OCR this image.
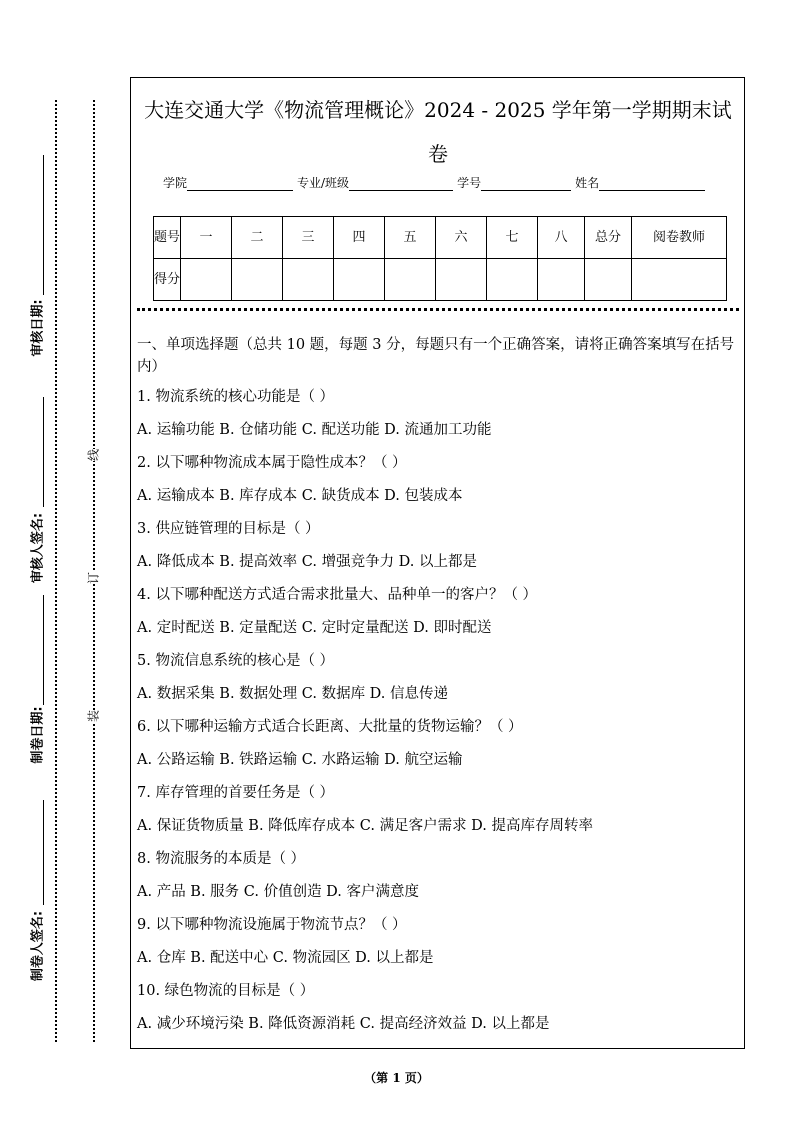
审核日期:
审核人签名:
制卷日期:
制卷人签名:
线
订
装
大连交通大学《物流管理概论》2024 - 2025 学年第一学期期末试
卷
学院	专业/班级	学号	姓名
题号	一	二	三	四	五	六	七	八	总分	阅卷教师
得分										
一、单项选择题（总共 10 题，每题 3 分，每题只有一个正确答案，请将正确答案填写在括号内）
1. 物流系统的核心功能是（ ）
A. 运输功能 B. 仓储功能 C. 配送功能 D. 流通加工功能
2. 以下哪种物流成本属于隐性成本？（ ）
A. 运输成本 B. 库存成本 C. 缺货成本 D. 包装成本
3. 供应链管理的目标是（ ）
A. 降低成本 B. 提高效率 C. 增强竞争力 D. 以上都是
4. 以下哪种配送方式适合需求批量大、品种单一的客户？（ ）
A. 定时配送 B. 定量配送 C. 定时定量配送 D. 即时配送
5. 物流信息系统的核心是（ ）
A. 数据采集 B. 数据处理 C. 数据库 D. 信息传递
6. 以下哪种运输方式适合长距离、大批量的货物运输？（ ）
A. 公路运输 B. 铁路运输 C. 水路运输 D. 航空运输
7. 库存管理的首要任务是（ ）
A. 保证货物质量 B. 降低库存成本 C. 满足客户需求 D. 提高库存周转率
8. 物流服务的本质是（ ）
A. 产品 B. 服务 C. 价值创造 D. 客户满意度
9. 以下哪种物流设施属于物流节点？（ ）
A. 仓库 B. 配送中心 C. 物流园区 D. 以上都是
10. 绿色物流的目标是（ ）
A. 减少环境污染 B. 降低资源消耗 C. 提高经济效益 D. 以上都是
（第 1 页）
